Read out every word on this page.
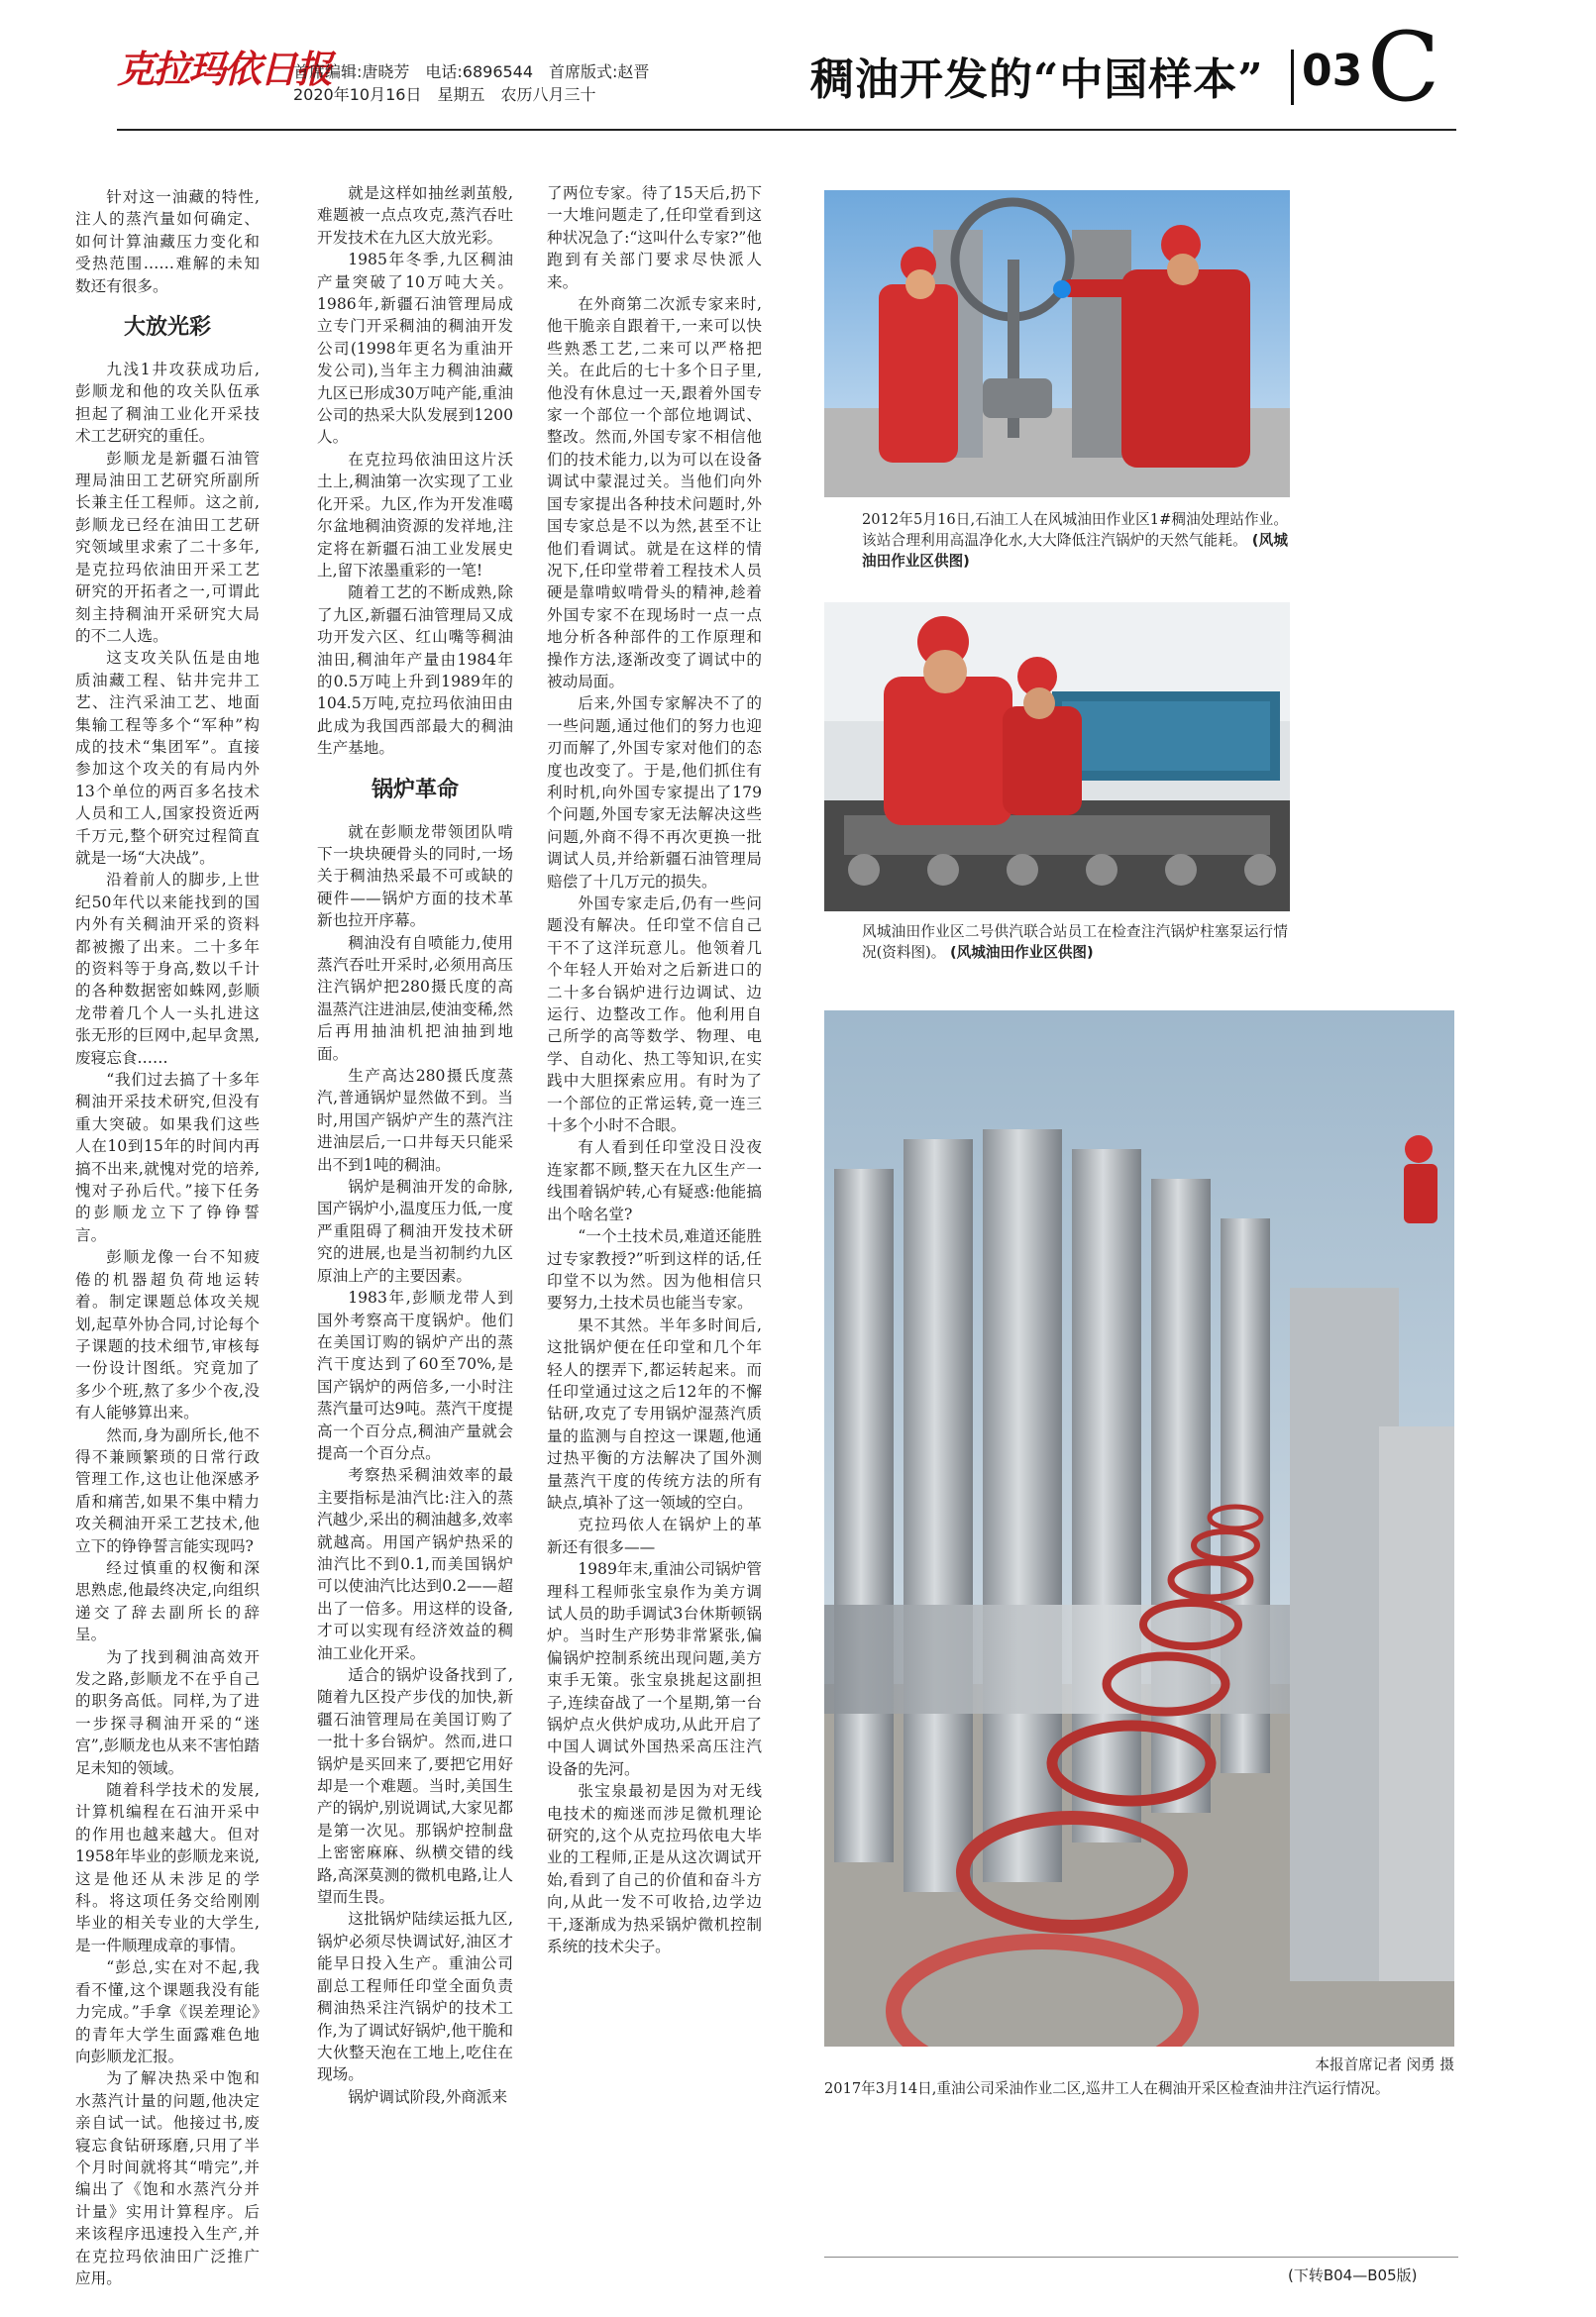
克拉玛依日报
首席编辑:唐晓芳　电话:6896544　首席版式:赵晋
2020年10月16日　星期五　农历八月三十	稠油开发的“中国样本” 03 C

针对这一油藏的特性,注人的蒸汽量如何确定、如何计算油藏压力变化和受热范围……难解的未知数还有很多。

大放光彩

九浅1井攻获成功后,彭顺龙和他的攻关队伍承担起了稠油工业化开采技术工艺研究的重任。

彭顺龙是新疆石油管理局油田工艺研究所副所长兼主任工程师。这之前,彭顺龙已经在油田工艺研究领域里求索了二十多年,是克拉玛依油田开采工艺研究的开拓者之一,可谓此刻主持稠油开采研究大局的不二人选。

这支攻关队伍是由地质油藏工程、钻井完井工艺、注汽采油工艺、地面集输工程等多个“军种”构成的技术“集团军”。直接参加这个攻关的有局内外13个单位的两百多名技术人员和工人,国家投资近两千万元,整个研究过程简直就是一场“大决战”。

沿着前人的脚步,上世纪50年代以来能找到的国内外有关稠油开采的资料都被搬了出来。二十多年的资料等于身高,数以千计的各种数据密如蛛网,彭顺龙带着几个人一头扎进这张无形的巨网中,起早贪黑,废寝忘食……

“我们过去搞了十多年稠油开采技术研究,但没有重大突破。如果我们这些人在10到15年的时间内再搞不出来,就愧对党的培养,愧对子孙后代。”接下任务的彭顺龙立下了铮铮誓言。

彭顺龙像一台不知疲倦的机器超负荷地运转着。制定课题总体攻关规划,起草外协合同,讨论每个子课题的技术细节,审核每一份设计图纸。究竟加了多少个班,熬了多少个夜,没有人能够算出来。

然而,身为副所长,他不得不兼顾繁琐的日常行政管理工作,这也让他深感矛盾和痛苦,如果不集中精力攻关稠油开采工艺技术,他立下的铮铮誓言能实现吗?

经过慎重的权衡和深思熟虑,他最终决定,向组织递交了辞去副所长的辞呈。

为了找到稠油高效开发之路,彭顺龙不在乎自己的职务高低。同样,为了进一步探寻稠油开采的“迷宫”,彭顺龙也从来不害怕踏足未知的领域。

随着科学技术的发展,计算机编程在石油开采中的作用也越来越大。但对1958年毕业的彭顺龙来说,这是他还从未涉足的学科。将这项任务交给刚刚毕业的相关专业的大学生,是一件顺理成章的事情。

“彭总,实在对不起,我看不懂,这个课题我没有能力完成。”手拿《误差理论》的青年大学生面露难色地向彭顺龙汇报。

为了解决热采中饱和水蒸汽计量的问题,他决定亲自试一试。他接过书,废寝忘食钻研琢磨,只用了半个月时间就将其“啃完”,并编出了《饱和水蒸汽分并计量》实用计算程序。后来该程序迅速投入生产,并在克拉玛依油田广泛推广应用。

就是这样如抽丝剥茧般,难题被一点点攻克,蒸汽吞吐开发技术在九区大放光彩。

1985年冬季,九区稠油产量突破了10万吨大关。1986年,新疆石油管理局成立专门开采稠油的稠油开发公司(1998年更名为重油开发公司),当年主力稠油油藏九区已形成30万吨产能,重油公司的热采大队发展到1200人。

在克拉玛依油田这片沃土上,稠油第一次实现了工业化开采。九区,作为开发准噶尔盆地稠油资源的发祥地,注定将在新疆石油工业发展史上,留下浓墨重彩的一笔!

随着工艺的不断成熟,除了九区,新疆石油管理局又成功开发六区、红山嘴等稠油油田,稠油年产量由1984年的0.5万吨上升到1989年的104.5万吨,克拉玛依油田由此成为我国西部最大的稠油生产基地。

锅炉革命

就在彭顺龙带领团队啃下一块块硬骨头的同时,一场关于稠油热采最不可或缺的硬件——锅炉方面的技术革新也拉开序幕。

稠油没有自喷能力,使用蒸汽吞吐开采时,必须用高压注汽锅炉把280摄氏度的高温蒸汽注进油层,使油变稀,然后再用抽油机把油抽到地面。

生产高达280摄氏度蒸汽,普通锅炉显然做不到。当时,用国产锅炉产生的蒸汽注进油层后,一口井每天只能采出不到1吨的稠油。

锅炉是稠油开发的命脉,国产锅炉小,温度压力低,一度严重阻碍了稠油开发技术研究的进展,也是当初制约九区原油上产的主要因素。

1983年,彭顺龙带人到国外考察高干度锅炉。他们在美国订购的锅炉产出的蒸汽干度达到了60至70%,是国产锅炉的两倍多,一小时注蒸汽量可达9吨。蒸汽干度提高一个百分点,稠油产量就会提高一个百分点。

考察热采稠油效率的最主要指标是油汽比:注入的蒸汽越少,采出的稠油越多,效率就越高。用国产锅炉热采的油汽比不到0.1,而美国锅炉可以使油汽比达到0.2——超出了一倍多。用这样的设备,才可以实现有经济效益的稠油工业化开采。

适合的锅炉设备找到了,随着九区投产步伐的加快,新疆石油管理局在美国订购了一批十多台锅炉。然而,进口锅炉是买回来了,要把它用好却是一个难题。当时,美国生产的锅炉,别说调试,大家见都是第一次见。那锅炉控制盘上密密麻麻、纵横交错的线路,高深莫测的微机电路,让人望而生畏。

这批锅炉陆续运抵九区,锅炉必须尽快调试好,油区才能早日投入生产。重油公司副总工程师任印堂全面负责稠油热采注汽锅炉的技术工作,为了调试好锅炉,他干脆和大伙整天泡在工地上,吃住在现场。

锅炉调试阶段,外商派来

了两位专家。待了15天后,扔下一大堆问题走了,任印堂看到这种状况急了:“这叫什么专家?”他跑到有关部门要求尽快派人来。

在外商第二次派专家来时,他干脆亲自跟着干,一来可以快些熟悉工艺,二来可以严格把关。在此后的七十多个日子里,他没有休息过一天,跟着外国专家一个部位一个部位地调试、整改。然而,外国专家不相信他们的技术能力,以为可以在设备调试中蒙混过关。当他们向外国专家提出各种技术问题时,外国专家总是不以为然,甚至不让他们看调试。就是在这样的情况下,任印堂带着工程技术人员硬是靠啃蚁啃骨头的精神,趁着外国专家不在现场时一点一点地分析各种部件的工作原理和操作方法,逐渐改变了调试中的被动局面。

后来,外国专家解决不了的一些问题,通过他们的努力也迎刃而解了,外国专家对他们的态度也改变了。于是,他们抓住有利时机,向外国专家提出了179个问题,外国专家无法解决这些问题,外商不得不再次更换一批调试人员,并给新疆石油管理局赔偿了十几万元的损失。

外国专家走后,仍有一些问题没有解决。任印堂不信自己干不了这洋玩意儿。他领着几个年轻人开始对之后新进口的二十多台锅炉进行边调试、边运行、边整改工作。他利用自己所学的高等数学、物理、电学、自动化、热工等知识,在实践中大胆探索应用。有时为了一个部位的正常运转,竟一连三十多个小时不合眼。

有人看到任印堂没日没夜连家都不顾,整天在九区生产一线围着锅炉转,心有疑惑:他能搞出个啥名堂?

“一个土技术员,难道还能胜过专家教授?”听到这样的话,任印堂不以为然。因为他相信只要努力,土技术员也能当专家。

果不其然。半年多时间后,这批锅炉便在任印堂和几个年轻人的摆弄下,都运转起来。而任印堂通过这之后12年的不懈钻研,攻克了专用锅炉湿蒸汽质量的监测与自控这一课题,他通过热平衡的方法解决了国外测量蒸汽干度的传统方法的所有缺点,填补了这一领域的空白。

克拉玛依人在锅炉上的革新还有很多——

1989年末,重油公司锅炉管理科工程师张宝泉作为美方调试人员的助手调试3台休斯顿锅炉。当时生产形势非常紧张,偏偏锅炉控制系统出现问题,美方束手无策。张宝泉挑起这副担子,连续奋战了一个星期,第一台锅炉点火供炉成功,从此开启了中国人调试外国热采高压注汽设备的先河。

张宝泉最初是因为对无线电技术的痴迷而涉足微机理论研究的,这个从克拉玛依电大毕业的工程师,正是从这次调试开始,看到了自己的价值和奋斗方向,从此一发不可收拾,边学边干,逐渐成为热采锅炉微机控制系统的技术尖子。

2012年5月16日,石油工人在风城油田作业区1#稠油处理站作业。该站合理利用高温净化水,大大降低注汽锅炉的天然气能耗。 (风城油田作业区供图)
风城油田作业区二号供汽联合站员工在检查注汽锅炉柱塞泵运行情况(资料图)。 (风城油田作业区供图)
本报首席记者 闵勇 摄
2017年3月14日,重油公司采油作业二区,巡井工人在稠油开采区检查油井注汽运行情况。
(下转B04—B05版)
